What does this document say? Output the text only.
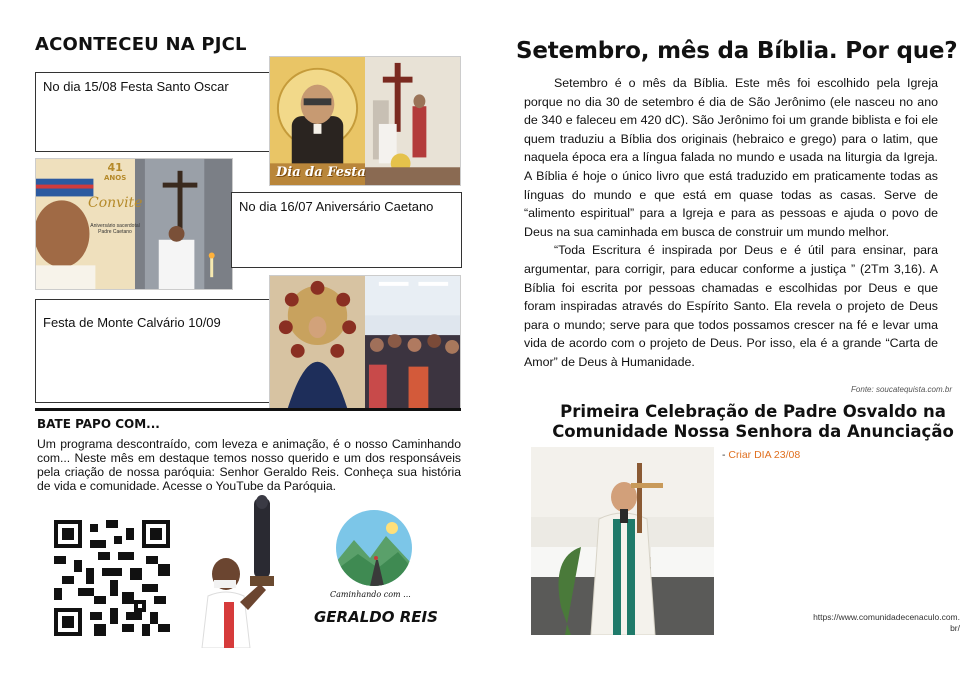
ACONTECEU NA PJCL
No dia 15/08 Festa Santo Oscar
Dia da Festa
41
ANOS
Convite
Aniversário sacerdotal
Padre Caetano
No dia 16/07 Aniversário Caetano
Festa de Monte Calvário 10/09
BATE PAPO COM...
Um programa descontraído, com leveza e animação, é o nosso Caminhando com... Neste mês em destaque temos nosso querido e um dos responsáveis pela criação de nossa paróquia: Senhor Geraldo Reis. Conheça sua história de vida e comunidade. Acesse o YouTube da Paróquia.
Caminhando com ...
GERALDO REIS
Setembro, mês da Bíblia. Por que?

Setembro é o mês da Bíblia. Este mês foi escolhido pela Igreja porque no dia 30 de setembro é dia de São Jerônimo (ele nasceu no ano de 340 e faleceu em 420 dC). São Jerônimo foi um grande biblista e foi ele quem traduziu a Bíblia dos originais (hebraico e grego) para o latim, que naquela época era a língua falada no mundo e usada na liturgia da Igreja. A Bíblia é hoje o único livro que está traduzido em praticamente todas as línguas do mundo e que está em quase todas as casas. Serve de “alimento espiritual” para a Igreja e para as pessoas e ajuda o povo de Deus na sua caminhada em busca de construir um mundo melhor.

“Toda Escritura é inspirada por Deus e é útil para ensinar, para argumentar, para corrigir, para educar conforme a justiça ” (2Tm 3,16). A Bíblia foi escrita por pessoas chamadas e escolhidas por Deus e que foram inspiradas através do Espírito Santo. Ela revela o projeto de Deus para o mundo; serve para que todos possamos crescer na fé e levar uma vida de acordo com o projeto de Deus. Por isso, ela é a grande “Carta de Amor” de Deus à Humanidade.

Fonte: soucatequista.com.br
Primeira Celebração de Padre Osvaldo na
Comunidade Nossa Senhora da Anunciação
- Criar DIA 23/08
https://www.comunidadecenaculo.com.
br/
